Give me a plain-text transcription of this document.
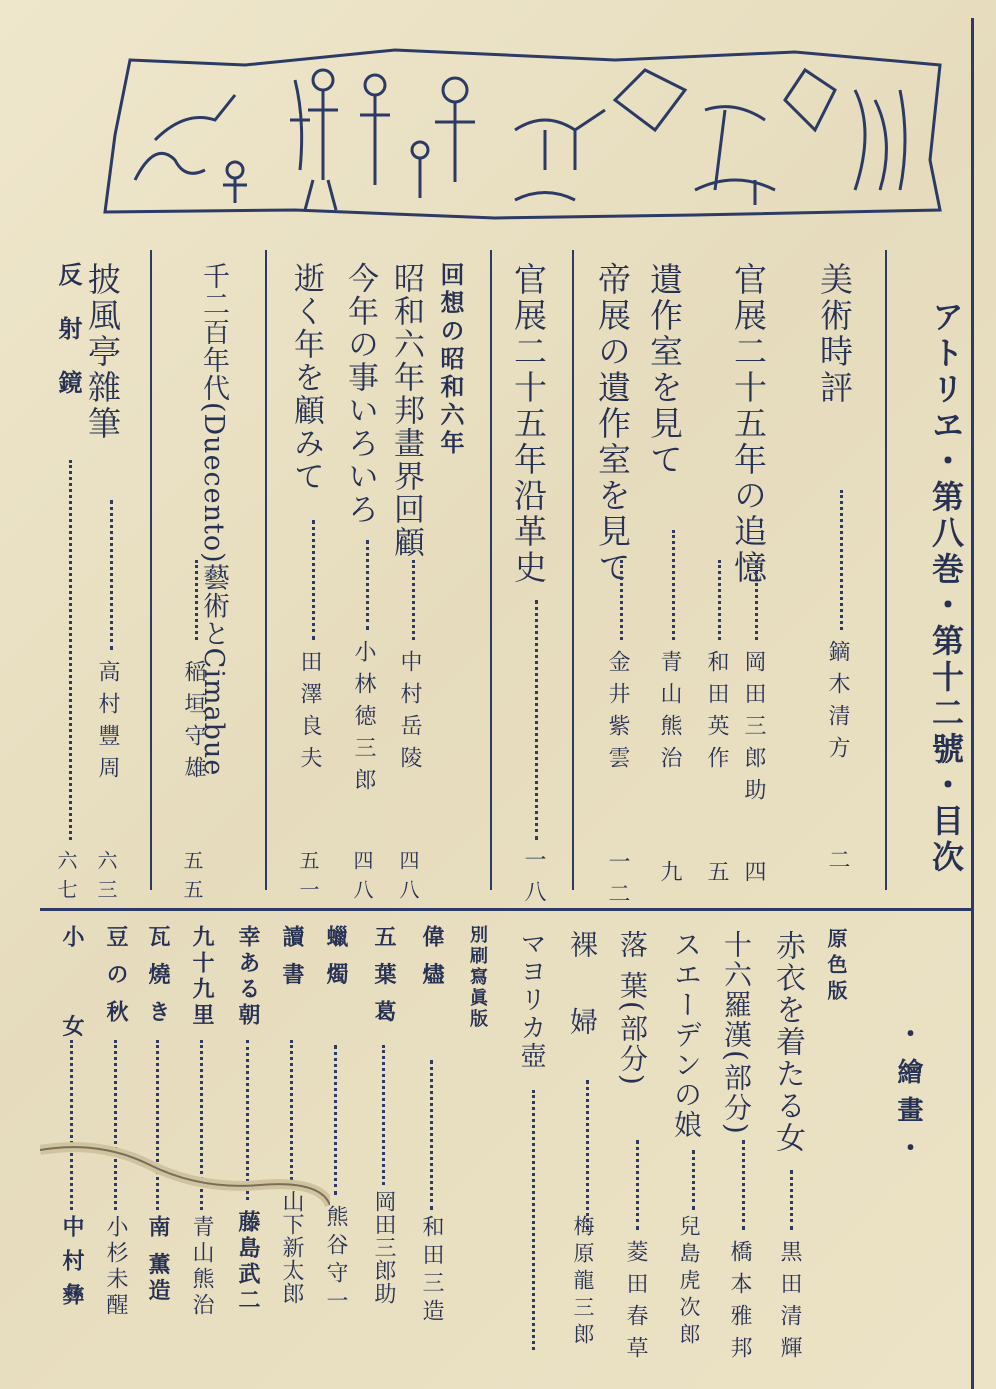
アトリヱ・第八巻・第十二號・目次
美術時評
鏑木清方
二
官展二十五年の追憶
岡田三郎助
四
和田英作
五
遺作室を見て
青山熊治
九
帝展の遺作室を見て
金井紫雲
一二
官展二十五年沿革史
一八
回想の昭和六年
昭和六年邦畫界回顧
中村岳陵
四八
今年の事いろいろ
小林徳三郎
四八
逝く年を顧みて
田澤良夫
五一
千二百年代(Duecento)藝術とCimabue
稲垣守雄
五五
披風亭雜筆
高村豐周
六三
反射鏡
六七
・繪畫・
原色版
赤衣を着たる女
黒田清輝
十六羅漢(部分)
橋本雅邦
スエーデンの娘
兒島虎次郎
落 葉(部分)
菱田春草
裸 婦
梅原龍三郎
マヨリカ壺
別刷寫眞版
偉 燼
和田三造
五 葉 葛
岡田三郎助
蠟 燭
熊谷守一
讀 書
山下新太郎
幸ある朝
藤島武二
九十九里
青山熊治
瓦 燒 き
南 薫造
豆 の 秋
小杉未醒
小 女
中村彝
